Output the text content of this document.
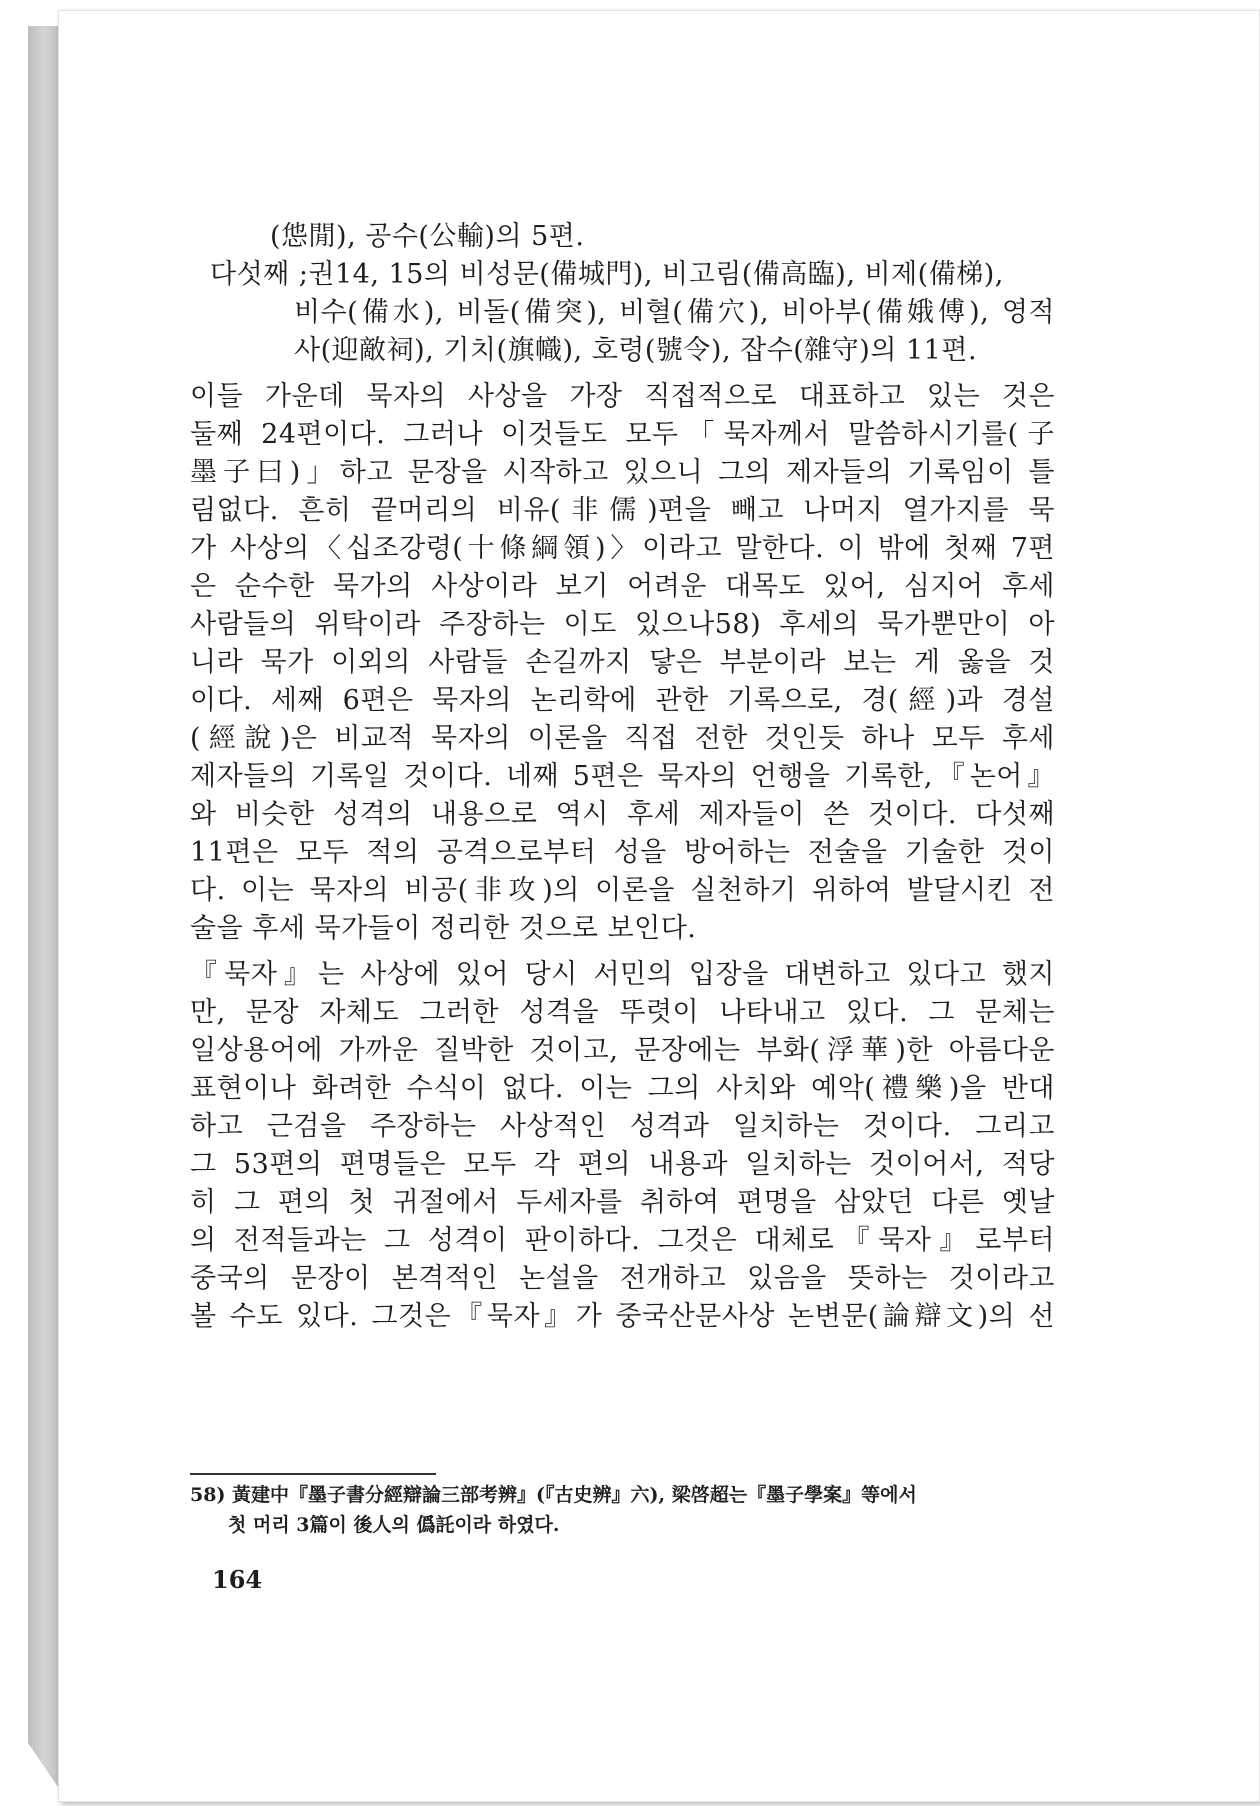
(怹閒), 공수(公輸)의 5편.
다섯째 ;권14, 15의 비성문(備城門), 비고림(備高臨), 비제(備梯),
비수(備水), 비돌(備突), 비혈(備穴), 비아부(備娥傅), 영적
사(迎敵祠), 기치(旗幟), 호령(號令), 잡수(雜守)의 11편.
이들 가운데 묵자의 사상을 가장 직접적으로 대표하고 있는 것은
둘째 24편이다. 그러나 이것들도 모두「묵자께서 말씀하시기를(子
墨子曰)」하고 문장을 시작하고 있으니 그의 제자들의 기록임이 틀
림없다. 흔히 끝머리의 비유(非儒)편을 빼고 나머지 열가지를 묵
가 사상의〈십조강령(十條綱領)〉이라고 말한다. 이 밖에 첫째 7편
은 순수한 묵가의 사상이라 보기 어려운 대목도 있어, 심지어 후세
사람들의 위탁이라 주장하는 이도 있으나58) 후세의 묵가뿐만이 아
니라 묵가 이외의 사람들 손길까지 닿은 부분이라 보는 게 옳을 것
이다. 세째 6편은 묵자의 논리학에 관한 기록으로, 경(經)과 경설
(經說)은 비교적 묵자의 이론을 직접 전한 것인듯 하나 모두 후세
제자들의 기록일 것이다. 네째 5편은 묵자의 언행을 기록한,『논어』
와 비슷한 성격의 내용으로 역시 후세 제자들이 쓴 것이다. 다섯째
11편은 모두 적의 공격으로부터 성을 방어하는 전술을 기술한 것이
다. 이는 묵자의 비공(非攻)의 이론을 실천하기 위하여 발달시킨 전
술을 후세 묵가들이 정리한 것으로 보인다.
『묵자』는 사상에 있어 당시 서민의 입장을 대변하고 있다고 했지
만, 문장 자체도 그러한 성격을 뚜렷이 나타내고 있다. 그 문체는
일상용어에 가까운 질박한 것이고, 문장에는 부화(浮華)한 아름다운
표현이나 화려한 수식이 없다. 이는 그의 사치와 예악(禮樂)을 반대
하고 근검을 주장하는 사상적인 성격과 일치하는 것이다. 그리고
그 53편의 편명들은 모두 각 편의 내용과 일치하는 것이어서, 적당
히 그 편의 첫 귀절에서 두세자를 취하여 편명을 삼았던 다른 옛날
의 전적들과는 그 성격이 판이하다. 그것은 대체로『묵자』로부터
중국의 문장이 본격적인 논설을 전개하고 있음을 뜻하는 것이라고
볼 수도 있다. 그것은『묵자』가 중국산문사상 논변문(論辯文)의 선
58) 黃建中『墨子書分經辯論三部考辨』(『古史辨』六), 梁啓超는『墨子學案』等에서
첫 머리 3篇이 後人의 僞託이라 하였다.
164
